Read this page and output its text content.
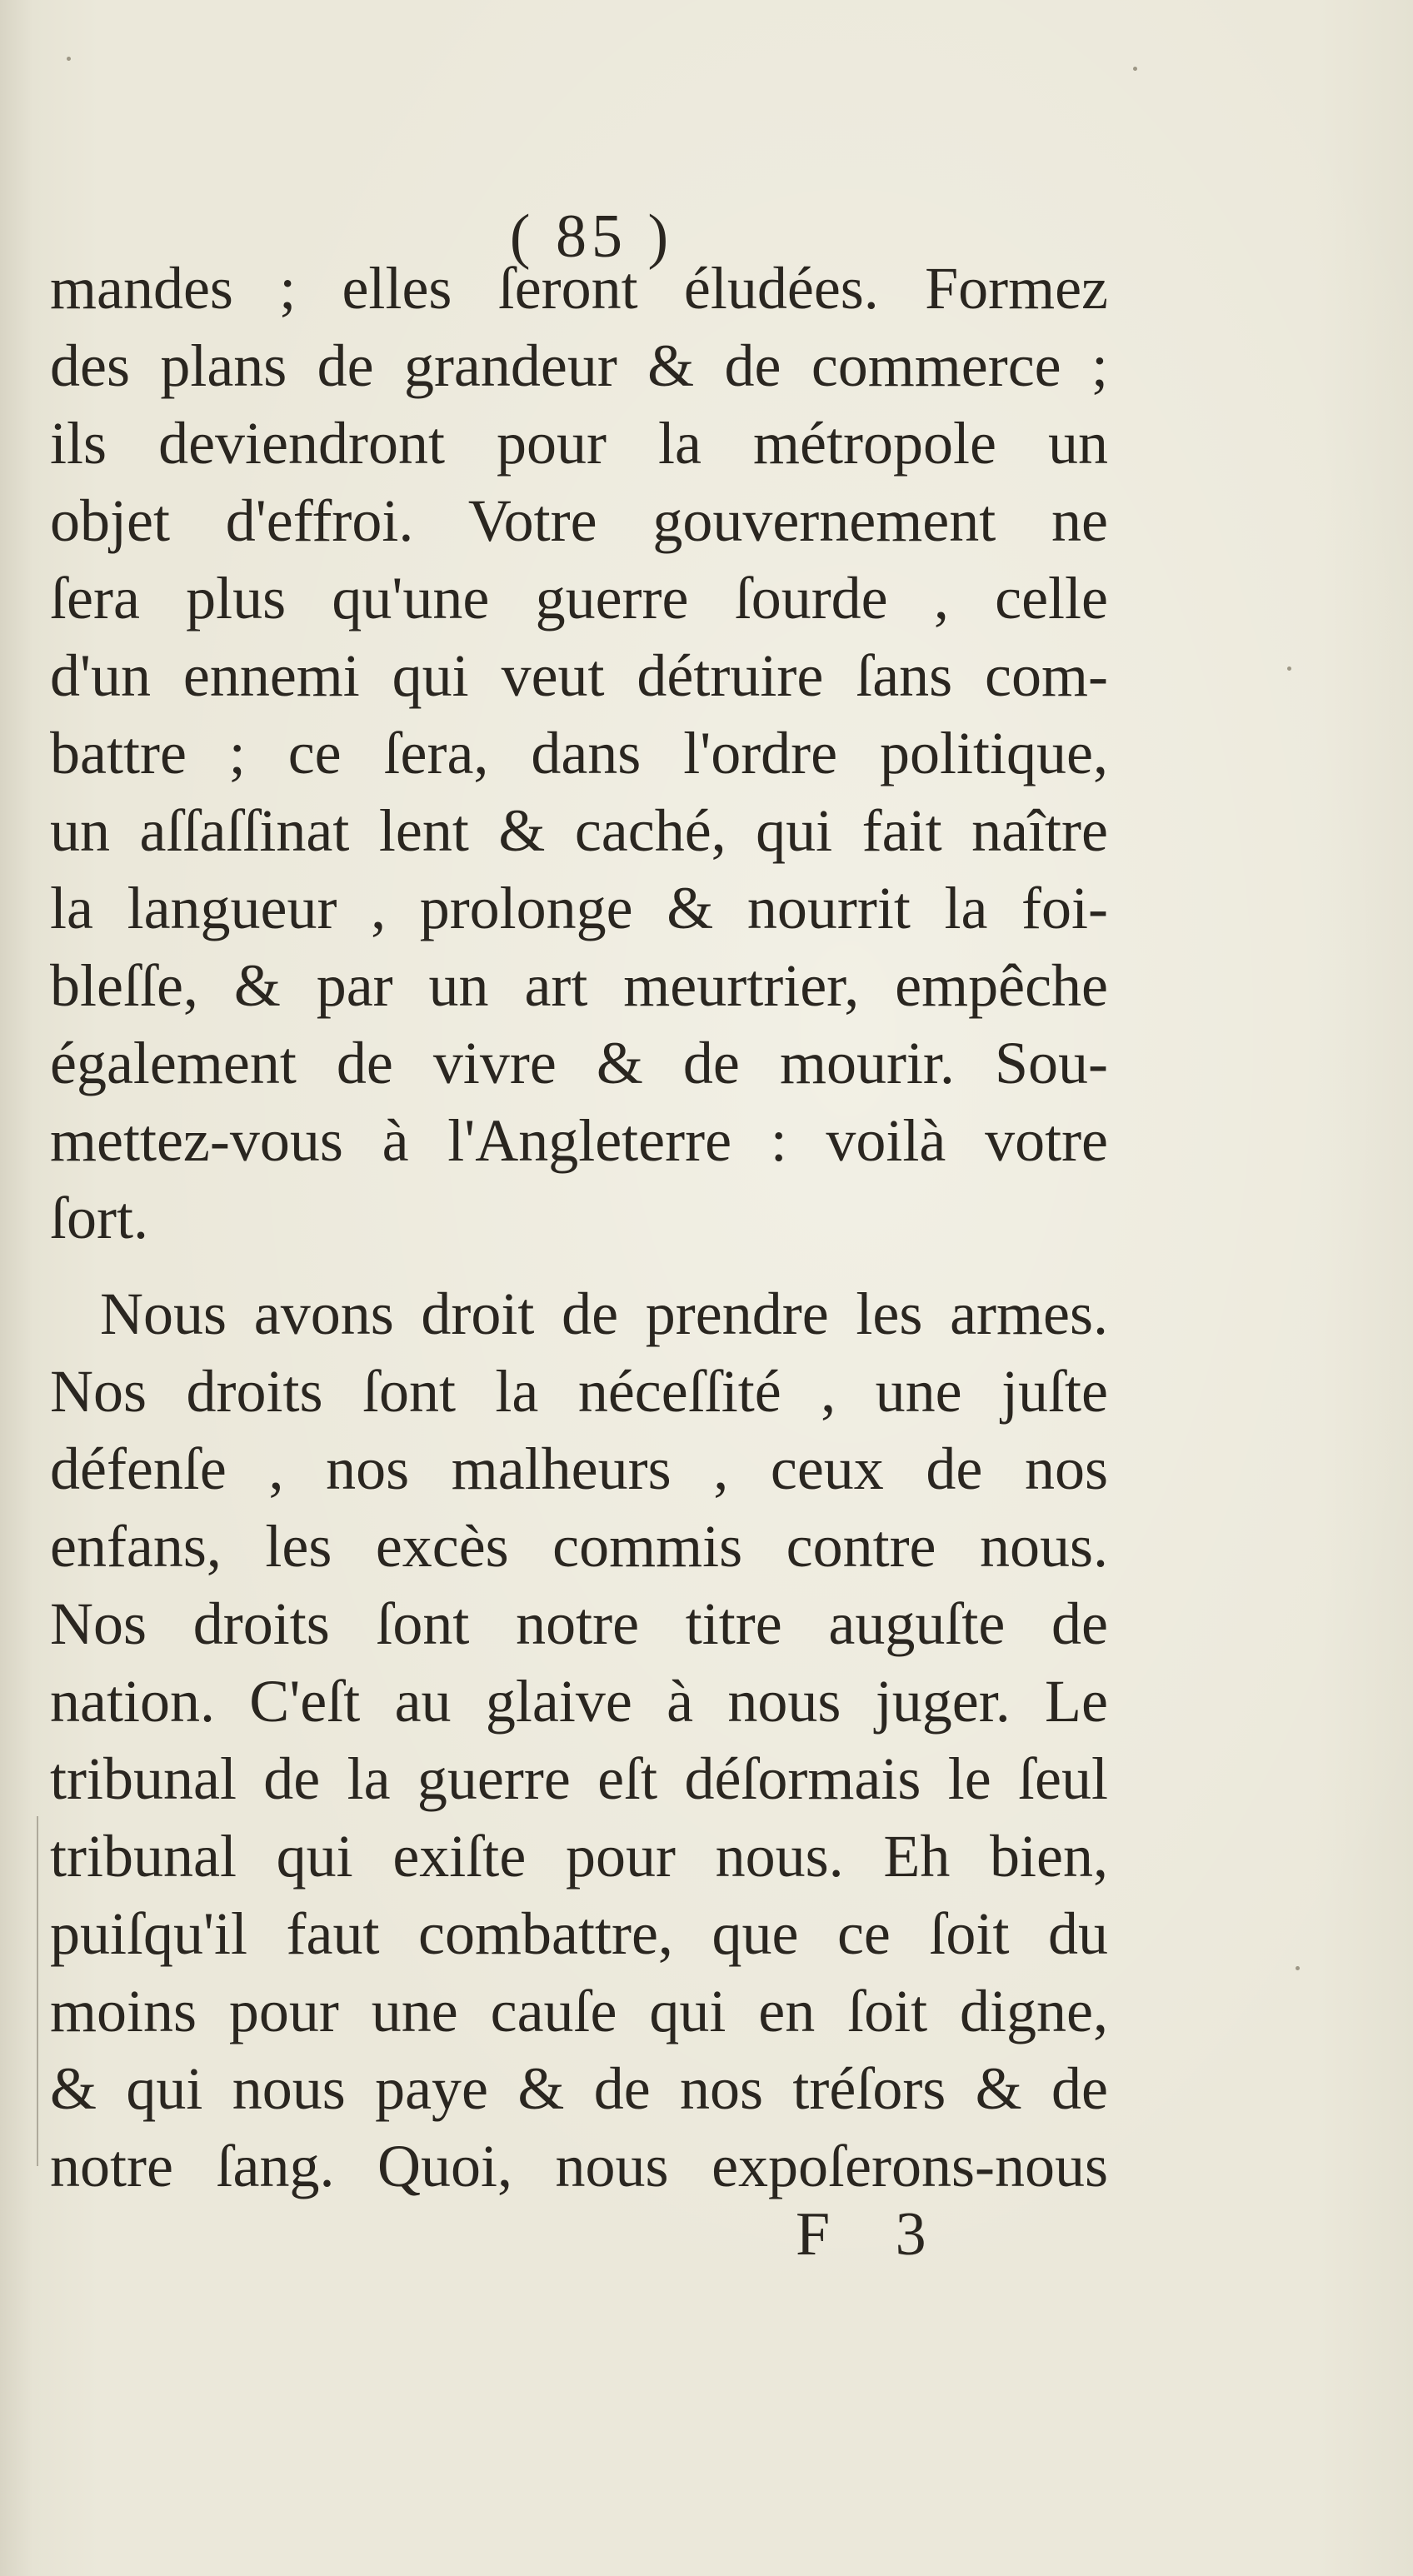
( 85 )
mandes ; elles ſeront éludées. Formez
des plans de grandeur & de commerce ;
ils deviendront pour la métropole un
objet d'effroi. Votre gouvernement ne
ſera plus qu'une guerre ſourde , celle
d'un ennemi qui veut détruire ſans com-
battre ; ce ſera, dans l'ordre politique,
un aſſaſſinat lent & caché, qui fait naître
la langueur , prolonge & nourrit la foi-
bleſſe, & par un art meurtrier, empêche
également de vivre & de mourir. Sou-
mettez-vous à l'Angleterre : voilà votre
ſort.
Nous avons droit de prendre les armes.
Nos droits ſont la néceſſité , une juſte
défenſe , nos malheurs , ceux de nos
enfans, les excès commis contre nous.
Nos droits ſont notre titre auguſte de
nation. C'eſt au glaive à nous juger. Le
tribunal de la guerre eſt déſormais le ſeul
tribunal qui exiſte pour nous. Eh bien,
puiſqu'il faut combattre, que ce ſoit du
moins pour une cauſe qui en ſoit digne,
& qui nous paye & de nos tréſors & de
notre ſang. Quoi, nous expoſerons-nous
F 3
